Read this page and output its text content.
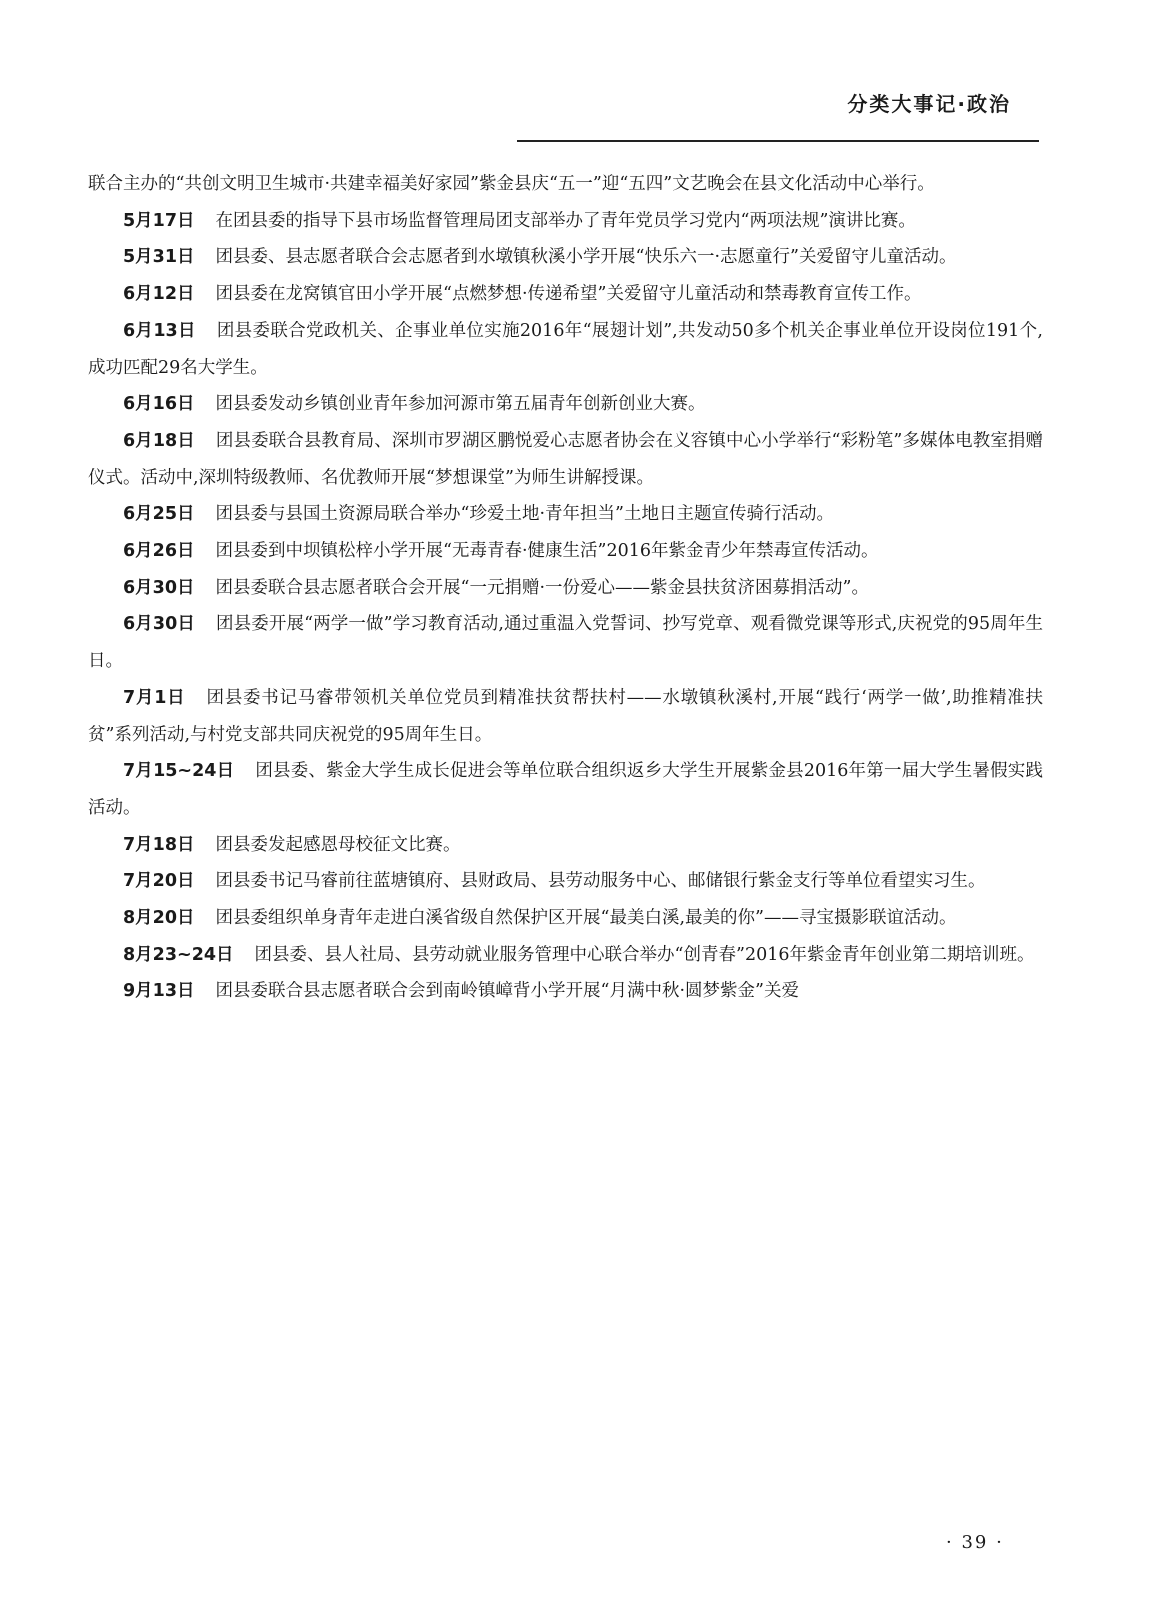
分类大事记·政治

联合主办的“共创文明卫生城市·共建幸福美好家园”紫金县庆“五一”迎“五四”文艺晚会在县文化活动中心举行。

5月17日 在团县委的指导下县市场监督管理局团支部举办了青年党员学习党内“两项法规”演讲比赛。

5月31日 团县委、县志愿者联合会志愿者到水墩镇秋溪小学开展“快乐六一·志愿童行”关爱留守儿童活动。

6月12日 团县委在龙窝镇官田小学开展“点燃梦想·传递希望”关爱留守儿童活动和禁毒教育宣传工作。

6月13日 团县委联合党政机关、企事业单位实施2016年“展翅计划”,共发动50多个机关企事业单位开设岗位191个,成功匹配29名大学生。

6月16日 团县委发动乡镇创业青年参加河源市第五届青年创新创业大赛。

6月18日 团县委联合县教育局、深圳市罗湖区鹏悦爱心志愿者协会在义容镇中心小学举行“彩粉笔”多媒体电教室捐赠仪式。活动中,深圳特级教师、名优教师开展“梦想课堂”为师生讲解授课。

6月25日 团县委与县国土资源局联合举办“珍爱土地·青年担当”土地日主题宣传骑行活动。

6月26日 团县委到中坝镇松梓小学开展“无毒青春·健康生活”2016年紫金青少年禁毒宣传活动。

6月30日 团县委联合县志愿者联合会开展“一元捐赠·一份爱心——紫金县扶贫济困募捐活动”。

6月30日 团县委开展“两学一做”学习教育活动,通过重温入党誓词、抄写党章、观看微党课等形式,庆祝党的95周年生日。

7月1日 团县委书记马睿带领机关单位党员到精准扶贫帮扶村——水墩镇秋溪村,开展“践行‘两学一做’,助推精准扶贫”系列活动,与村党支部共同庆祝党的95周年生日。

7月15~24日 团县委、紫金大学生成长促进会等单位联合组织返乡大学生开展紫金县2016年第一届大学生暑假实践活动。

7月18日 团县委发起感恩母校征文比赛。

7月20日 团县委书记马睿前往蓝塘镇府、县财政局、县劳动服务中心、邮储银行紫金支行等单位看望实习生。

8月20日 团县委组织单身青年走进白溪省级自然保护区开展“最美白溪,最美的你”——寻宝摄影联谊活动。

8月23~24日 团县委、县人社局、县劳动就业服务管理中心联合举办“创青春”2016年紫金青年创业第二期培训班。

9月13日 团县委联合县志愿者联合会到南岭镇嶂背小学开展“月满中秋·圆梦紫金”关爱

· 39 ·
